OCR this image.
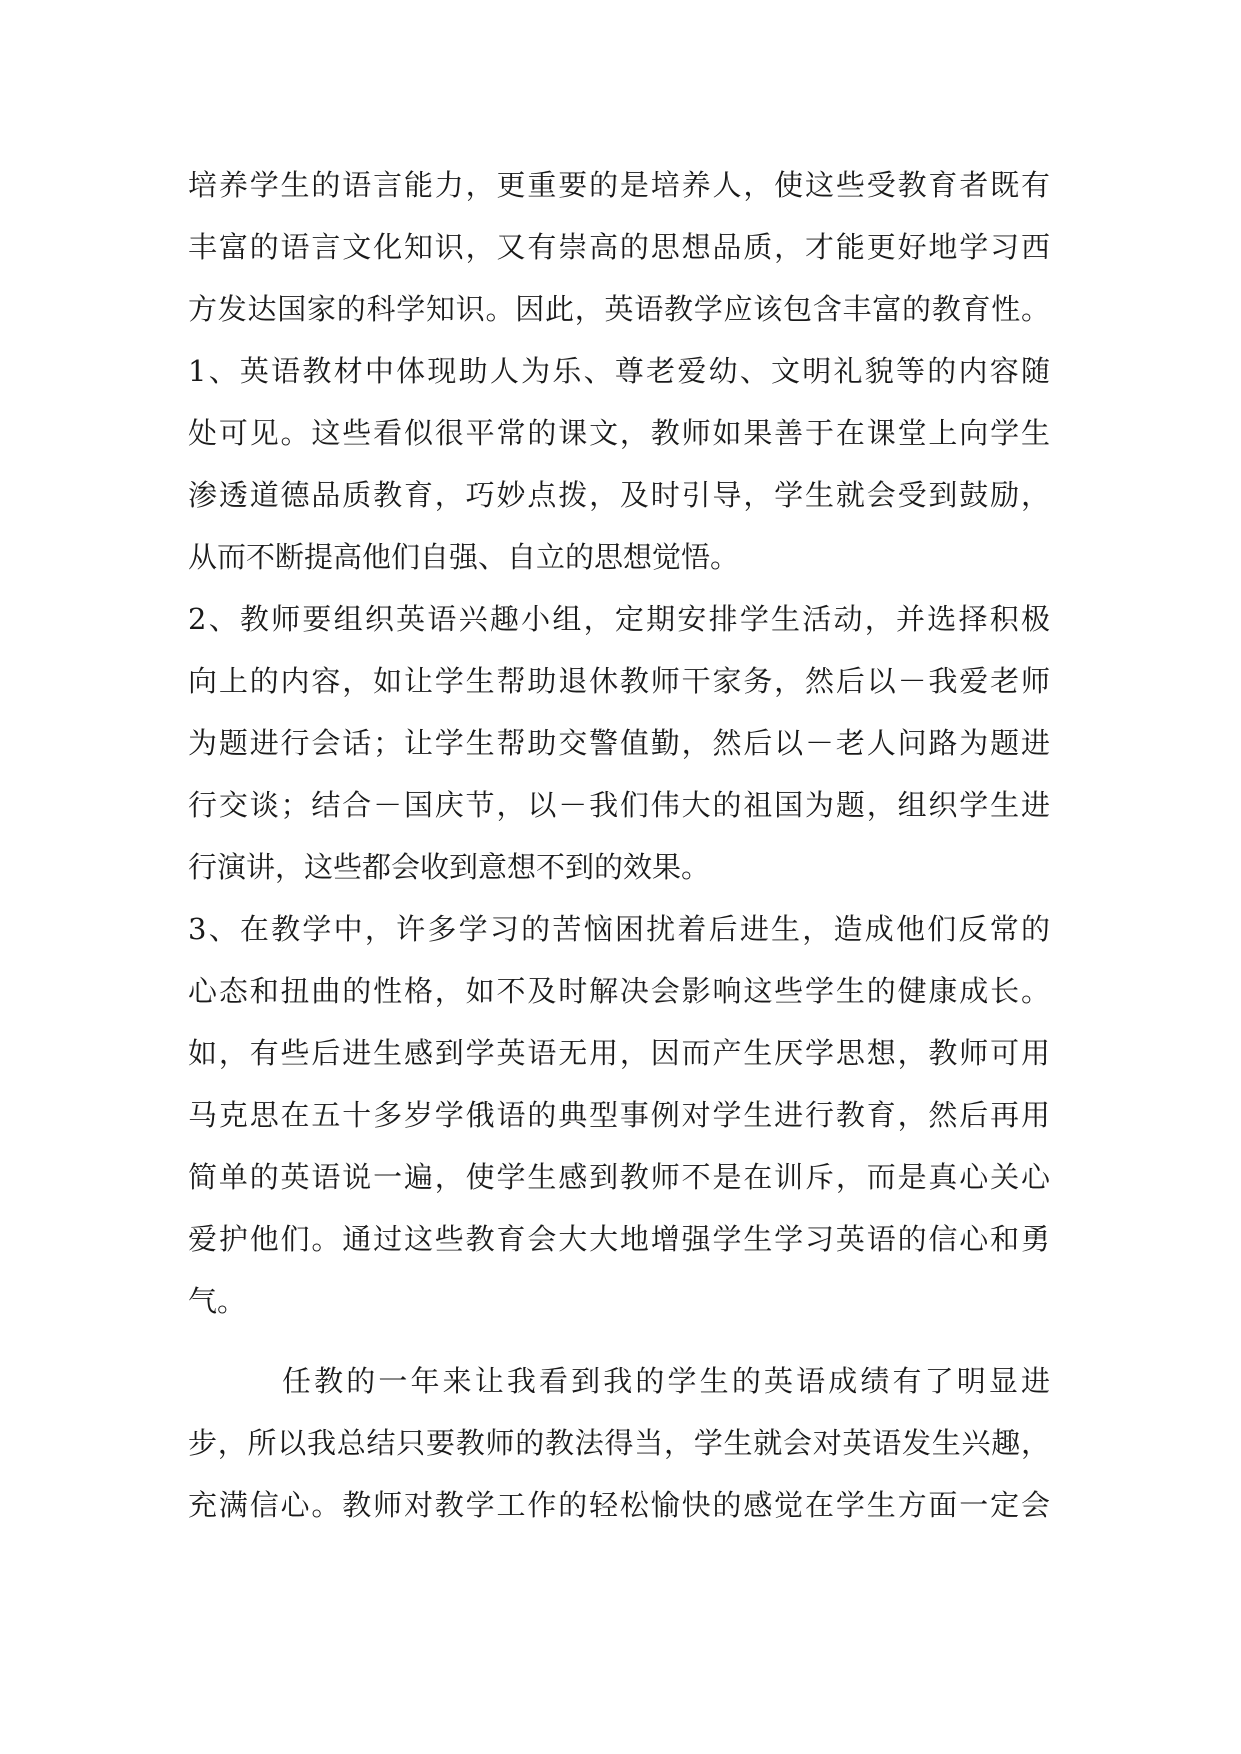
培养学生的语言能力，更重要的是培养人，使这些受教育者既有
丰富的语言文化知识，又有崇高的思想品质，才能更好地学习西
方发达国家的科学知识。因此，英语教学应该包含丰富的教育性。
1、英语教材中体现助人为乐、尊老爱幼、文明礼貌等的内容随
处可见。这些看似很平常的课文，教师如果善于在课堂上向学生
渗透道德品质教育，巧妙点拨，及时引导，学生就会受到鼓励，
从而不断提高他们自强、自立的思想觉悟。
2、教师要组织英语兴趣小组，定期安排学生活动，并选择积极
向上的内容，如让学生帮助退休教师干家务，然后以－我爱老师
为题进行会话；让学生帮助交警值勤，然后以－老人问路为题进
行交谈；结合－国庆节，以－我们伟大的祖国为题，组织学生进
行演讲，这些都会收到意想不到的效果。
3、在教学中，许多学习的苦恼困扰着后进生，造成他们反常的
心态和扭曲的性格，如不及时解决会影响这些学生的健康成长。
如，有些后进生感到学英语无用，因而产生厌学思想，教师可用
马克思在五十多岁学俄语的典型事例对学生进行教育，然后再用
简单的英语说一遍，使学生感到教师不是在训斥，而是真心关心
爱护他们。通过这些教育会大大地增强学生学习英语的信心和勇
气。
任教的一年来让我看到我的学生的英语成绩有了明显进
步，所以我总结只要教师的教法得当，学生就会对英语发生兴趣，
充满信心。教师对教学工作的轻松愉快的感觉在学生方面一定会
